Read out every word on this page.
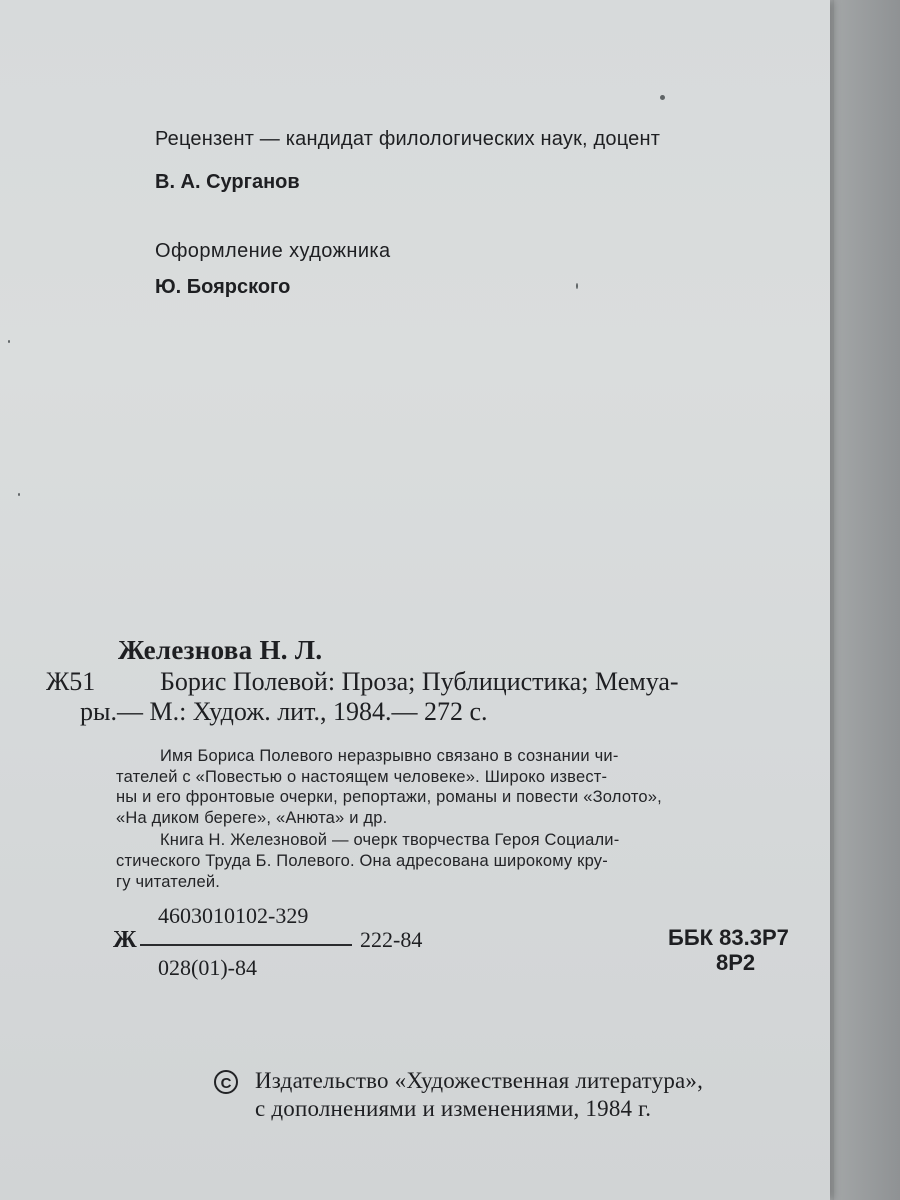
Рецензент — кандидат филологических наук, доцент
В. А. Сурганов
Оформление художника
Ю. Боярского
Железнова Н. Л.
Ж51 Борис Полевой: Проза; Публицистика; Мемуа-
ры.— М.: Худож. лит., 1984.— 272 с.
Имя Бориса Полевого неразрывно связано в сознании чи-
тателей с «Повестью о настоящем человеке». Широко извест-
ны и его фронтовые очерки, репортажи, романы и повести «Золото»,
«На диком береге», «Анюта» и др.
Книга Н. Железновой — очерк творчества Героя Социали-
стического Труда Б. Полевого. Она адресована широкому кру-
гу читателей.
4603010102-329
Ж	222-84
028(01)-84
ББК 83.3Р7
8Р2
C Издательство «Художественная литература»,
с дополнениями и изменениями, 1984 г.
